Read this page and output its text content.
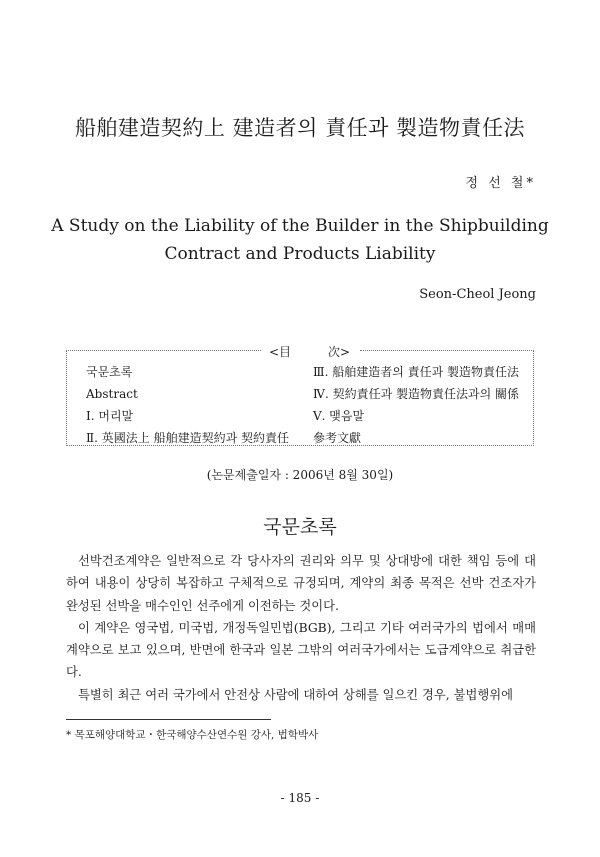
船舶建造契約上 建造者의 責任과 製造物責任法
정 선 철*
A Study on the Liability of the Builder in the Shipbuilding
Contract and Products Liability
Seon-Cheol Jeong
<目	次>
국문초록
Abstract
Ⅰ. 머리말
Ⅱ. 英國法上 船舶建造契約과 契約責任
Ⅲ. 船舶建造者의 責任과 製造物責任法
Ⅳ. 契約責任과 製造物責任法과의 關係
Ⅴ. 맺음말
參考文獻
(논문제출일자 : 2006년 8월 30일)
국문초록

선박건조계약은 일반적으로 각 당사자의 권리와 의무 및 상대방에 대한 책임 등에 대하여 내용이 상당히 복잡하고 구체적으로 규정되며, 계약의 최종 목적은 선박 건조자가 완성된 선박을 매수인인 선주에게 이전하는 것이다.

이 계약은 영국법, 미국법, 개정독일민법(BGB), 그리고 기타 여러국가의 법에서 매매계약으로 보고 있으며, 반면에 한국과 일본 그밖의 여러국가에서는 도급계약으로 취급한다.

특별히 최근 여러 국가에서 안전상 사람에 대하여 상해를 일으킨 경우, 불법행위에

* 목포해양대학교・한국해양수산연수원 강사, 법학박사
- 185 -
